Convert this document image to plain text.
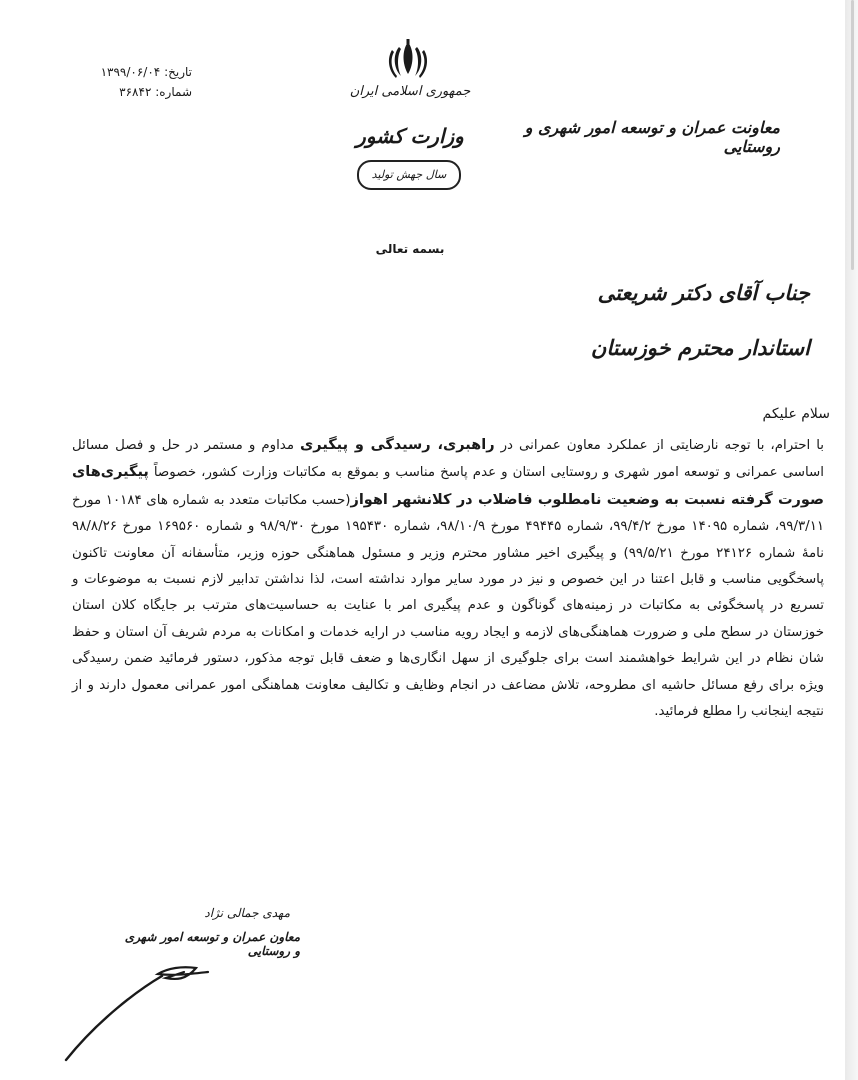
تاریخ: ۱۳۹۹/۰۶/۰۴
شماره: ۳۶۸۴۲	جمهوری اسلامی ایران
وزارت کشور
سال جهش تولید
معاونت عمران و توسعه امور شهری و روستایی
بسمه تعالی
جناب آقای دکتر شریعتی
استاندار محترم خوزستان
سلام علیکم
با احترام، با توجه نارضایتی از عملکرد معاون عمرانی در راهبری، رسیدگی و پیگیری مداوم و مستمر در حل و فصل مسائل اساسی عمرانی و توسعه امور شهری و روستایی استان و عدم پاسخ مناسب و بموقع به مکاتبات وزارت کشور، خصوصاً پیگیری‌های صورت گرفته نسبت به وضعیت نامطلوب فاضلاب در کلانشهر اهواز(حسب مکاتبات متعدد به شماره های ۱۰۱۸۴ مورخ ۹۹/۳/۱۱، شماره ۱۴۰۹۵ مورخ ۹۹/۴/۲، شماره ۴۹۴۴۵ مورخ ۹۸/۱۰/۹، شماره ۱۹۵۴۳۰ مورخ ۹۸/۹/۳۰ و شماره ۱۶۹۵۶۰ مورخ ۹۸/۸/۲۶ نامهٔ شماره ۲۴۱۲۶ مورخ ۹۹/۵/۲۱) و پیگیری اخیر مشاور محترم وزیر و مسئول هماهنگی حوزه وزیر، متأسفانه آن معاونت تاکنون پاسخگویی مناسب و قابل اعتنا در این خصوص و نیز در مورد سایر موارد نداشته است، لذا نداشتن تدابیر لازم نسبت به موضوعات و تسریع در پاسخگوئی به مکاتبات در زمینه‌های گوناگون و عدم پیگیری امر با عنایت به حساسیت‌های مترتب بر جایگاه کلان استان خوزستان در سطح ملی و ضرورت هماهنگی‌های لازمه و ایجاد رویه مناسب در ارایه خدمات و امکانات به مردم شریف آن استان و حفظ شان نظام در این شرایط خواهشمند است برای جلوگیری از سهل انگاری‌ها و ضعف قابل توجه مذکور، دستور فرمائید ضمن رسیدگی ویژه برای رفع مسائل حاشیه ای مطروحه، تلاش مضاعف در انجام وظایف و تکالیف معاونت هماهنگی امور عمرانی معمول دارند و از نتیجه اینجانب را مطلع فرمائید.
مهدی جمالی نژاد
معاون عمران و توسعه امور شهری و روستایی
